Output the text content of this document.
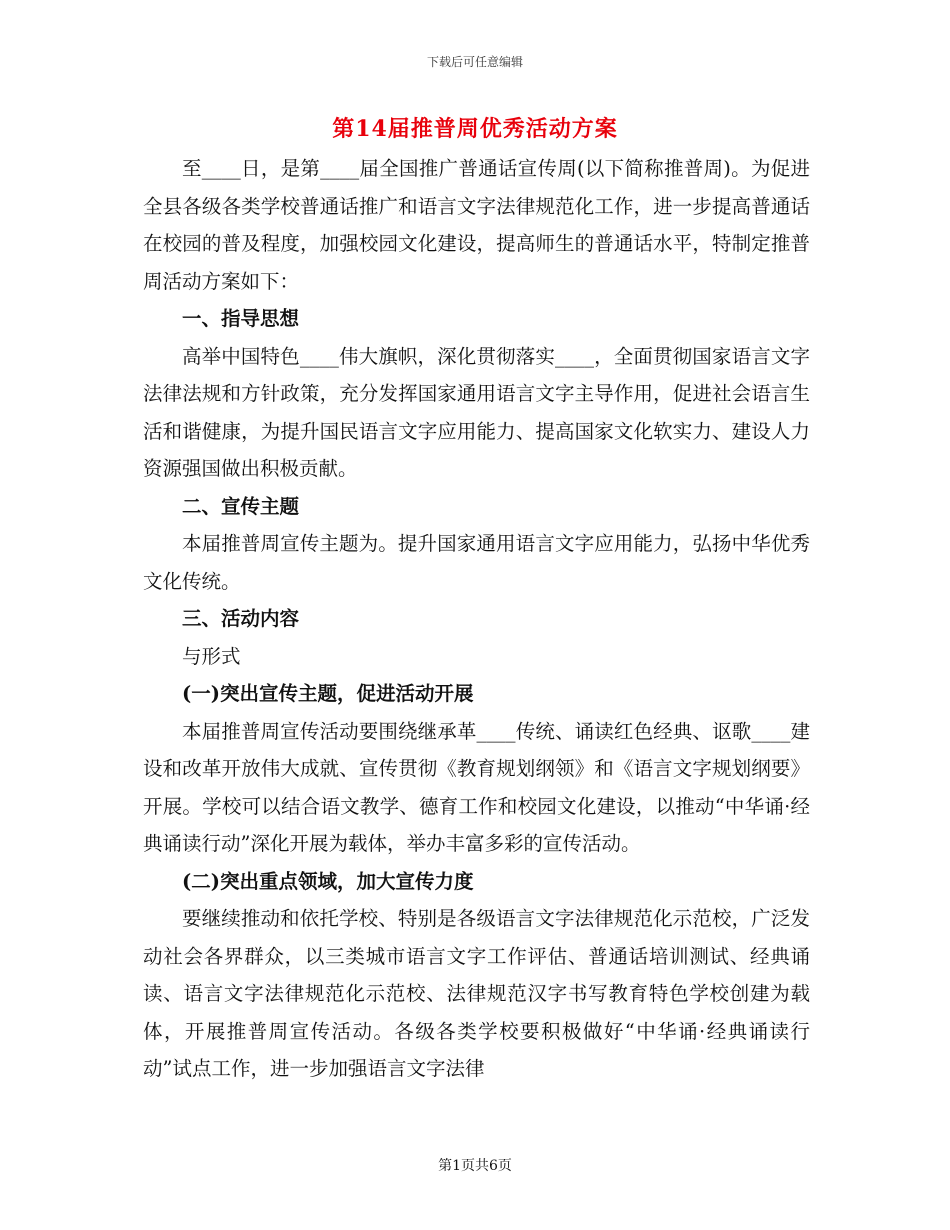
下载后可任意编辑
第14届推普周优秀活动方案

至____日，是第____届全国推广普通话宣传周(以下简称推普周)。为促进全县各级各类学校普通话推广和语言文字法律规范化工作，进一步提高普通话在校园的普及程度，加强校园文化建设，提高师生的普通话水平，特制定推普周活动方案如下：

一、指导思想

高举中国特色____伟大旗帜，深化贯彻落实____，全面贯彻国家语言文字法律法规和方针政策，充分发挥国家通用语言文字主导作用，促进社会语言生活和谐健康，为提升国民语言文字应用能力、提高国家文化软实力、建设人力资源强国做出积极贡献。

二、宣传主题

本届推普周宣传主题为。提升国家通用语言文字应用能力，弘扬中华优秀文化传统。

三、活动内容

与形式

(一)突出宣传主题，促进活动开展

本届推普周宣传活动要围绕继承革____传统、诵读红色经典、讴歌____建设和改革开放伟大成就、宣传贯彻《教育规划纲领》和《语言文字规划纲要》开展。学校可以结合语文教学、德育工作和校园文化建设，以推动“中华诵·经典诵读行动”深化开展为载体，举办丰富多彩的宣传活动。

(二)突出重点领域，加大宣传力度

要继续推动和依托学校、特别是各级语言文字法律规范化示范校，广泛发动社会各界群众，以三类城市语言文字工作评估、普通话培训测试、经典诵读、语言文字法律规范化示范校、法律规范汉字书写教育特色学校创建为载体，开展推普周宣传活动。各级各类学校要积极做好“中华诵·经典诵读行动”试点工作，进一步加强语言文字法律

第1页共6页
